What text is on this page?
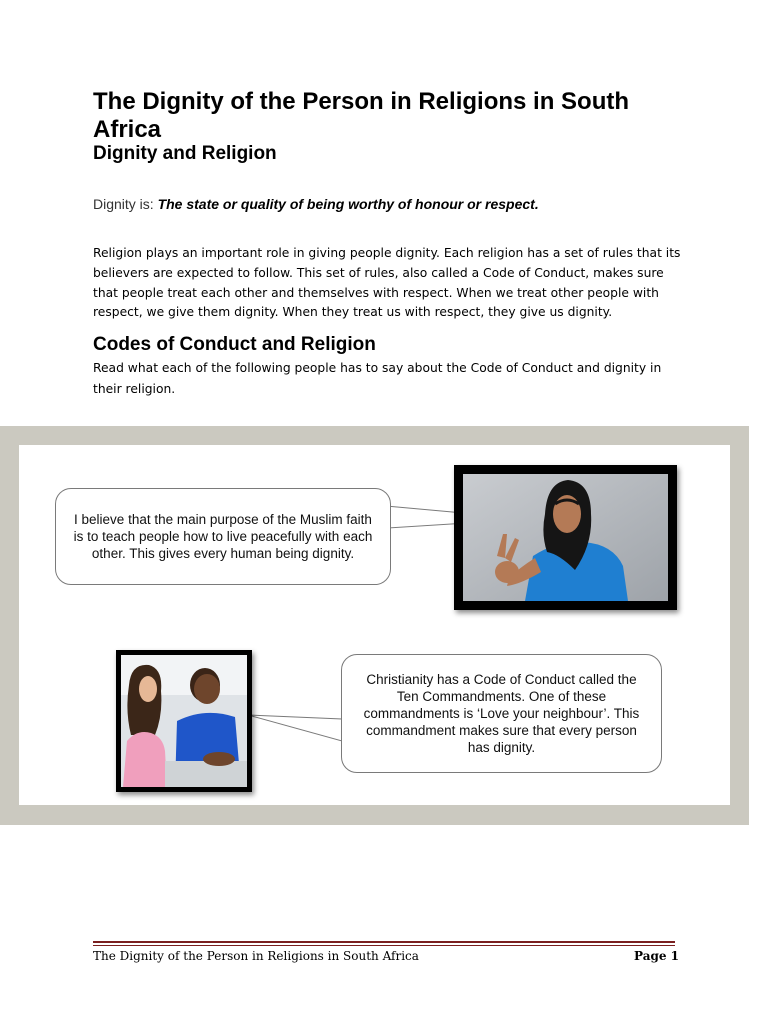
The Dignity of the Person in Religions in South Africa
Dignity and Religion
Dignity is: The state or quality of being worthy of honour or respect.
Religion plays an important role in giving people dignity. Each religion has a set of rules that its believers are expected to follow. This set of rules, also called a Code of Conduct, makes sure that people treat each other and themselves with respect. When we treat other people with respect, we give them dignity. When they treat us with respect, they give us dignity.
Codes of Conduct and Religion
Read what each of the following people has to say about the Code of Conduct and dignity in their religion.
I believe that the main purpose of the Muslim faith is to teach people how to live peacefully with each other. This gives every human being dignity.
Christianity has a Code of Conduct called the Ten Commandments. One of these commandments is ‘Love your neighbour’. This commandment makes sure that every person has dignity.
The Dignity of the Person in Religions in South Africa	Page 1
